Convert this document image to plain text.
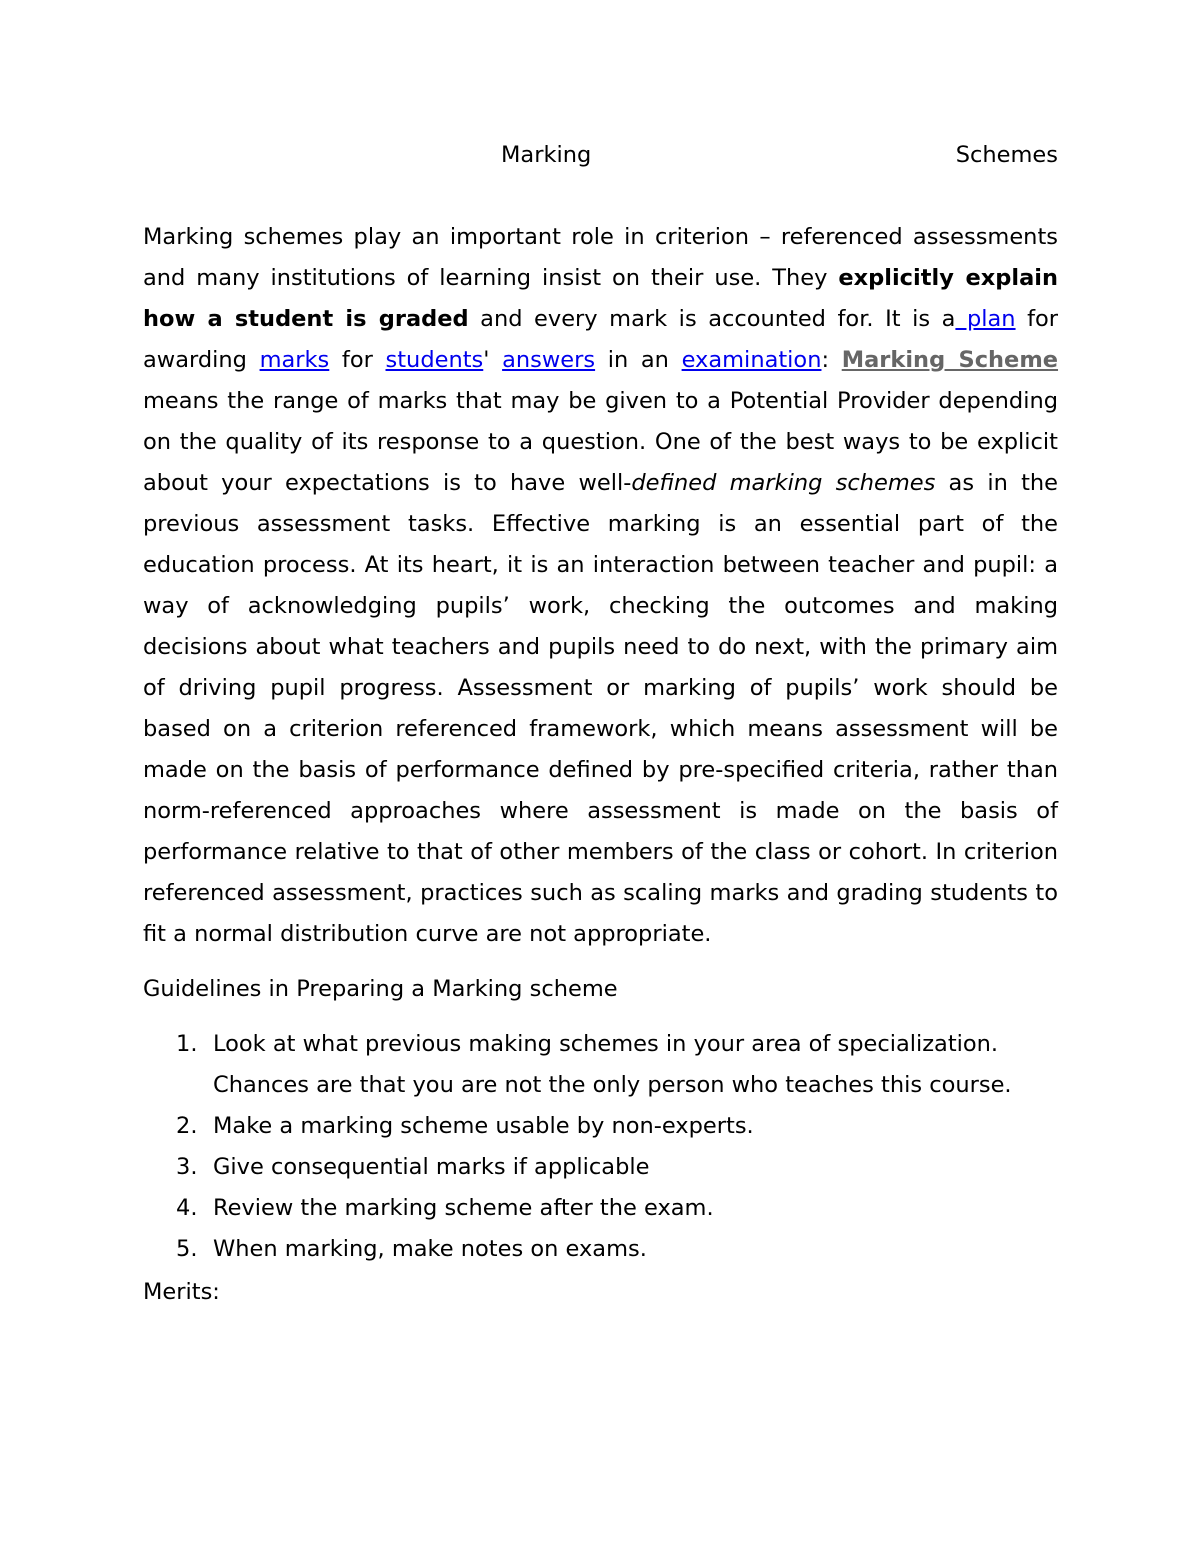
Marking	Schemes

Marking schemes play an important role in criterion – referenced assessments and many institutions of learning insist on their use. They explicitly explain how a student is graded and every mark is accounted for. It is a plan for awarding marks for students' answers in an examination: Marking Scheme means the range of marks that may be given to a Potential Provider depending on the quality of its response to a question. One of the best ways to be explicit about your expectations is to have well-defined marking schemes as in the previous assessment tasks. Effective marking is an essential part of the education process. At its heart, it is an interaction between teacher and pupil: a way of acknowledging pupils’ work, checking the outcomes and making decisions about what teachers and pupils need to do next, with the primary aim of driving pupil progress. Assessment or marking of pupils’ work should be based on a criterion referenced framework, which means assessment will be made on the basis of performance defined by pre-specified criteria, rather than norm-referenced approaches where assessment is made on the basis of performance relative to that of other members of the class or cohort. In criterion referenced assessment, practices such as scaling marks and grading students to fit a normal distribution curve are not appropriate.

Guidelines in Preparing a Marking scheme

1. Look at what previous making schemes in your area of specialization. Chances are that you are not the only person who teaches this course.
2. Make a marking scheme usable by non-experts.
3. Give consequential marks if applicable
4. Review the marking scheme after the exam.
5. When marking, make notes on exams.

Merits:
